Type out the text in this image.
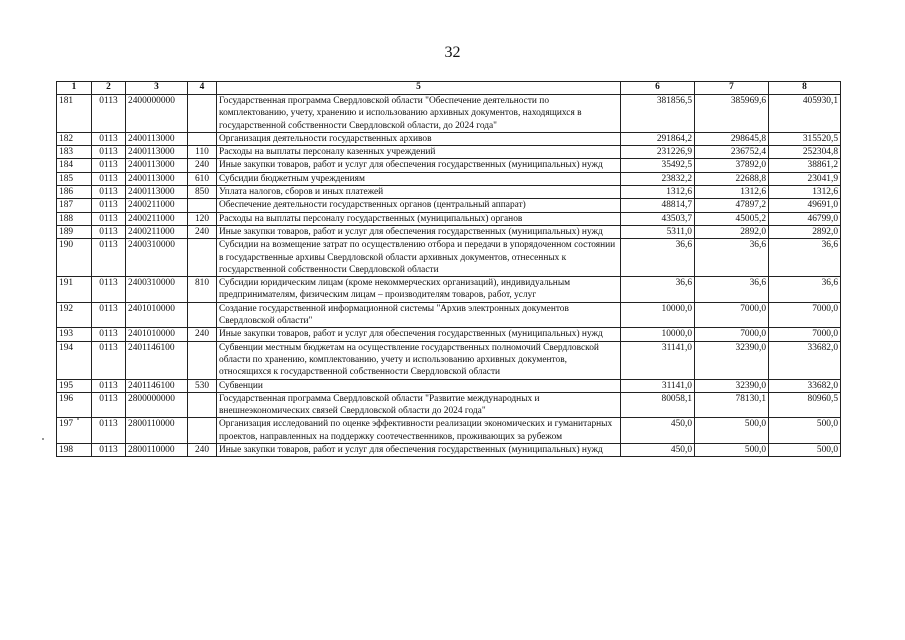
32
1	2	3	4	5	6	7	8
181	0113	2400000000		Государственная программа Свердловской области "Обеспечение деятельности по комплектованию, учету, хранению и использованию архивных документов, находящихся в государственной собственности Свердловской области, до 2024 года"	381856,5	385969,6	405930,1
182	0113	2400113000		Организация деятельности государственных архивов	291864,2	298645,8	315520,5
183	0113	2400113000	110	Расходы на выплаты персоналу казенных учреждений	231226,9	236752,4	252304,8
184	0113	2400113000	240	Иные закупки товаров, работ и услуг для обеспечения государственных (муниципальных) нужд	35492,5	37892,0	38861,2
185	0113	2400113000	610	Субсидии бюджетным учреждениям	23832,2	22688,8	23041,9
186	0113	2400113000	850	Уплата налогов, сборов и иных платежей	1312,6	1312,6	1312,6
187	0113	2400211000		Обеспечение деятельности государственных органов (центральный аппарат)	48814,7	47897,2	49691,0
188	0113	2400211000	120	Расходы на выплаты персоналу государственных (муниципальных) органов	43503,7	45005,2	46799,0
189	0113	2400211000	240	Иные закупки товаров, работ и услуг для обеспечения государственных (муниципальных) нужд	5311,0	2892,0	2892,0
190	0113	2400310000		Субсидии на возмещение затрат по осуществлению отбора и передачи в упорядоченном состоянии в государственные архивы Свердловской области архивных документов, отнесенных к государственной собственности Свердловской области	36,6	36,6	36,6
191	0113	2400310000	810	Субсидии юридическим лицам (кроме некоммерческих организаций), индивидуальным предпринимателям, физическим лицам – производителям товаров, работ, услуг	36,6	36,6	36,6
192	0113	2401010000		Создание государственной информационной системы "Архив электронных документов Свердловской области"	10000,0	7000,0	7000,0
193	0113	2401010000	240	Иные закупки товаров, работ и услуг для обеспечения государственных (муниципальных) нужд	10000,0	7000,0	7000,0
194	0113	2401146100		Субвенции местным бюджетам на осуществление государственных полномочий Свердловской области по хранению, комплектованию, учету и использованию архивных документов, относящихся к государственной собственности Свердловской области	31141,0	32390,0	33682,0
195	0113	2401146100	530	Субвенции	31141,0	32390,0	33682,0
196	0113	2800000000		Государственная программа Свердловской области "Развитие международных и внешнеэкономических связей Свердловской области до 2024 года"	80058,1	78130,1	80960,5
197	0113	2800110000		Организация исследований по оценке эффективности реализации экономических и гуманитарных проектов, направленных на поддержку соотечественников, проживающих за рубежом	450,0	500,0	500,0
198	0113	2800110000	240	Иные закупки товаров, работ и услуг для обеспечения государственных (муниципальных) нужд	450,0	500,0	500,0
